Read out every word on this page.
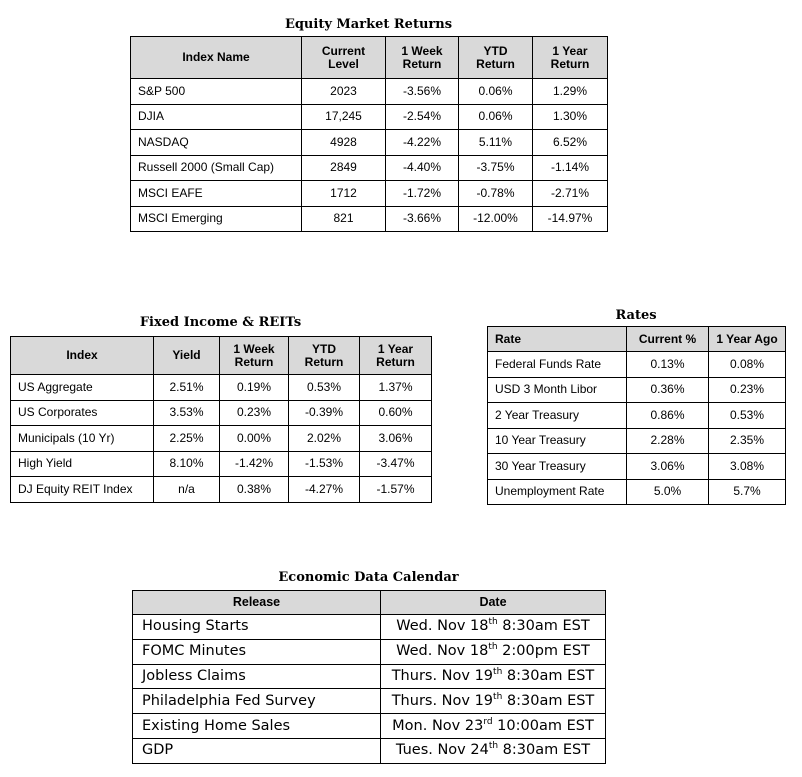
Equity Market Returns
Index Name	Current Level	1 Week Return	YTD Return	1 Year Return
S&P 500	2023	-3.56%	0.06%	1.29%
DJIA	17,245	-2.54%	0.06%	1.30%
NASDAQ	4928	-4.22%	5.11%	6.52%
Russell 2000 (Small Cap)	2849	-4.40%	-3.75%	-1.14%
MSCI EAFE	1712	-1.72%	-0.78%	-2.71%
MSCI Emerging	821	-3.66%	-12.00%	-14.97%
Fixed Income & REITs
Index	Yield	1 Week Return	YTD Return	1 Year Return
US Aggregate	2.51%	0.19%	0.53%	1.37%
US Corporates	3.53%	0.23%	-0.39%	0.60%
Municipals (10 Yr)	2.25%	0.00%	2.02%	3.06%
High Yield	8.10%	-1.42%	-1.53%	-3.47%
DJ Equity REIT Index	n/a	0.38%	-4.27%	-1.57%
Rates
Rate	Current %	1 Year Ago
Federal Funds Rate	0.13%	0.08%
USD 3 Month Libor	0.36%	0.23%
2 Year Treasury	0.86%	0.53%
10 Year Treasury	2.28%	2.35%
30 Year Treasury	3.06%	3.08%
Unemployment Rate	5.0%	5.7%
Economic Data Calendar
Release	Date
Housing Starts	Wed. Nov 18th 8:30am EST
FOMC Minutes	Wed. Nov 18th 2:00pm EST
Jobless Claims	Thurs. Nov 19th 8:30am EST
Philadelphia Fed Survey	Thurs. Nov 19th 8:30am EST
Existing Home Sales	Mon. Nov 23rd 10:00am EST
GDP	Tues. Nov 24th 8:30am EST
